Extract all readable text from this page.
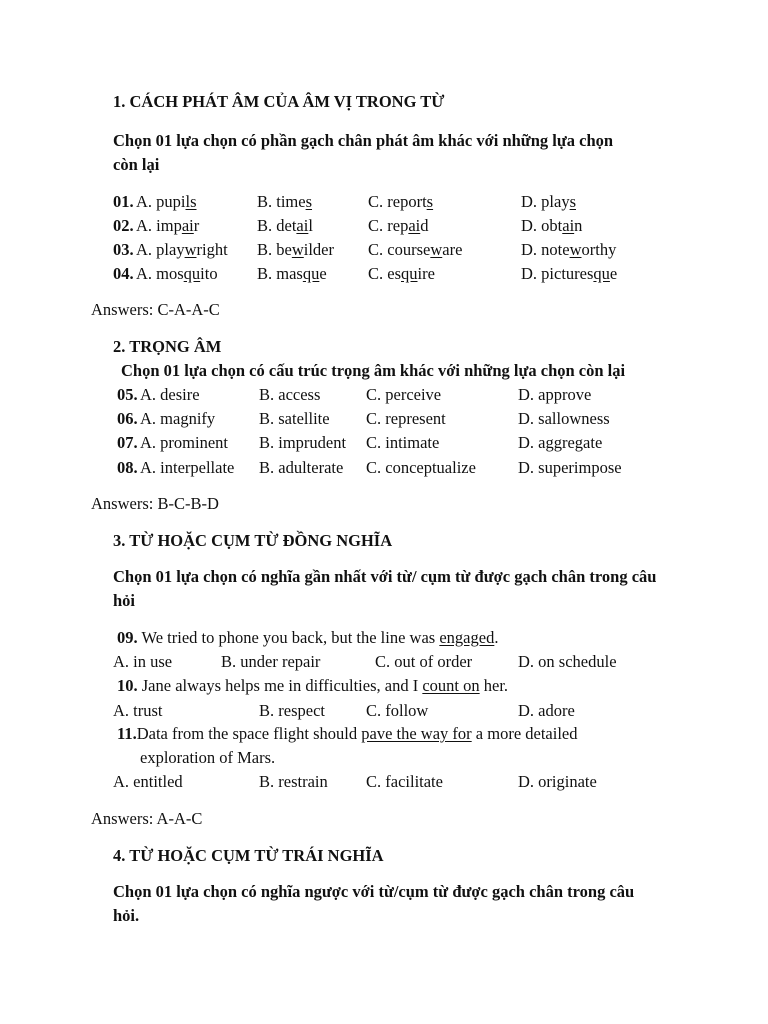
1. CÁCH PHÁT ÂM CỦA ÂM VỊ TRONG TỪ
Chọn 01 lựa chọn có phần gạch chân phát âm khác với những lựa chọn
còn lại
01. A. pupils	B. times	C. reports	D. plays
02. A. impair	B. detail	C. repaid	D. obtain
03. A. playwright B. bewilder C. courseware	D. noteworthy
04. A. mosquito B. masque	C. esquire	D. picturesque
Answers: C-A-A-C
2. TRỌNG ÂM
Chọn 01 lựa chọn có cấu trúc trọng âm khác với những lựa chọn còn lại
05. A. desire	B. access	C. perceive	D. approve
06. A. magnify	B. satellite C. represent	D. sallowness
07. A. prominent B. imprudent C. intimate	D. aggregate
08. A. interpellate B. adulterate C. conceptualize	D. superimpose
Answers: B-C-B-D
3. TỪ HOẶC CỤM TỪ ĐỒNG NGHĨA
Chọn 01 lựa chọn có nghĩa gần nhất với từ/ cụm từ được gạch chân trong câu
hỏi
09. We tried to phone you back, but the line was engaged.
A. in use	B. under repair	C. out of order	D. on schedule
10. Jane always helps me in difficulties, and I count on her.
A. trust	B. respect C. follow	D. adore
11.Data from the space flight should pave the way for a more detailed
exploration of Mars.
A. entitled	B. restrain C. facilitate	D. originate
Answers: A-A-C
4. TỪ HOẶC CỤM TỪ TRÁI NGHĨA
Chọn 01 lựa chọn có nghĩa ngược với từ/cụm từ được gạch chân trong câu
hỏi.
